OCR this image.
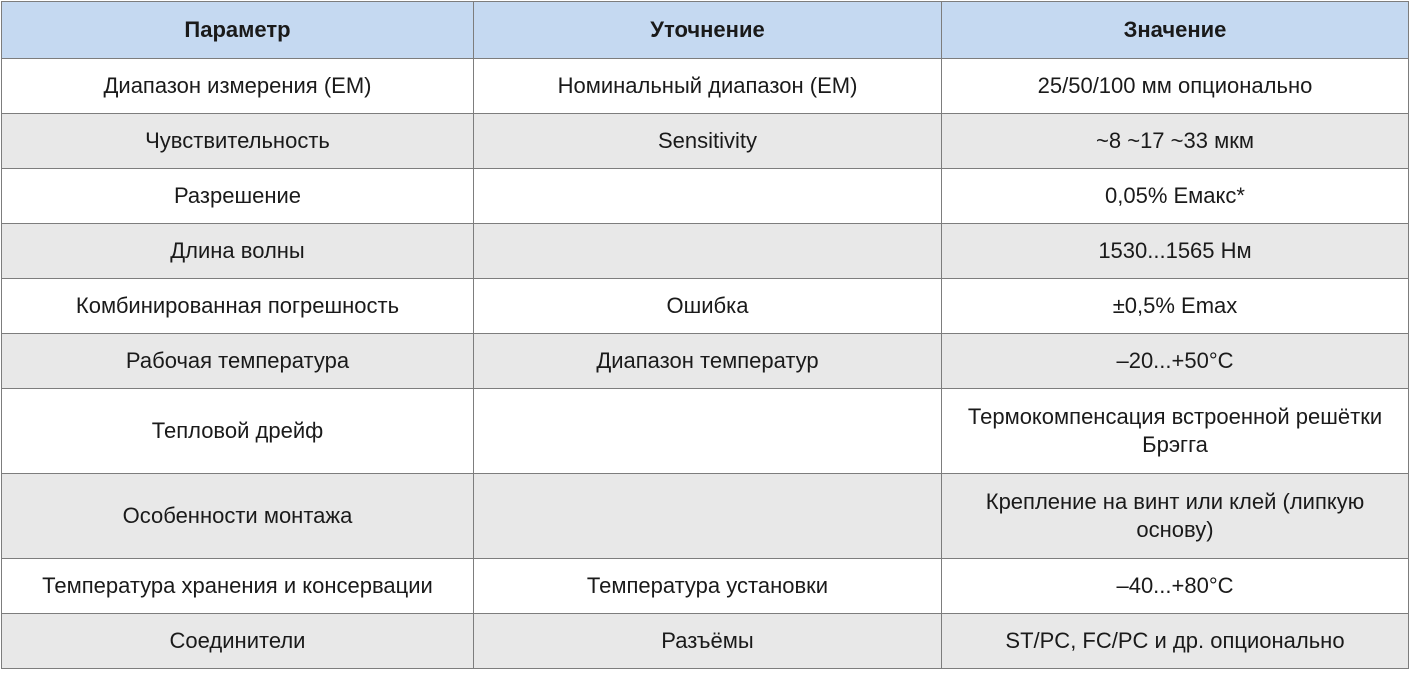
Параметр	Уточнение	Значение
Диапазон измерения (ЕМ)	Номинальный диапазон (ЕМ)	25/50/100 мм опционально
Чувствительность	Sensitivity	~8 ~17 ~33 мкм
Разрешение		0,05% Емакс*
Длина волны		1530...1565 Нм
Комбинированная погрешность	Ошибка	±0,5% Emax
Рабочая температура	Диапазон температур	–20...+50°C
Тепловой дрейф		Термокомпенсация встроенной решётки Брэгга
Особенности монтажа		Крепление на винт или клей (липкую основу)
Температура хранения и консервации	Температура установки	–40...+80°C
Соединители	Разъёмы	ST/PC, FC/PC и др. опционально
